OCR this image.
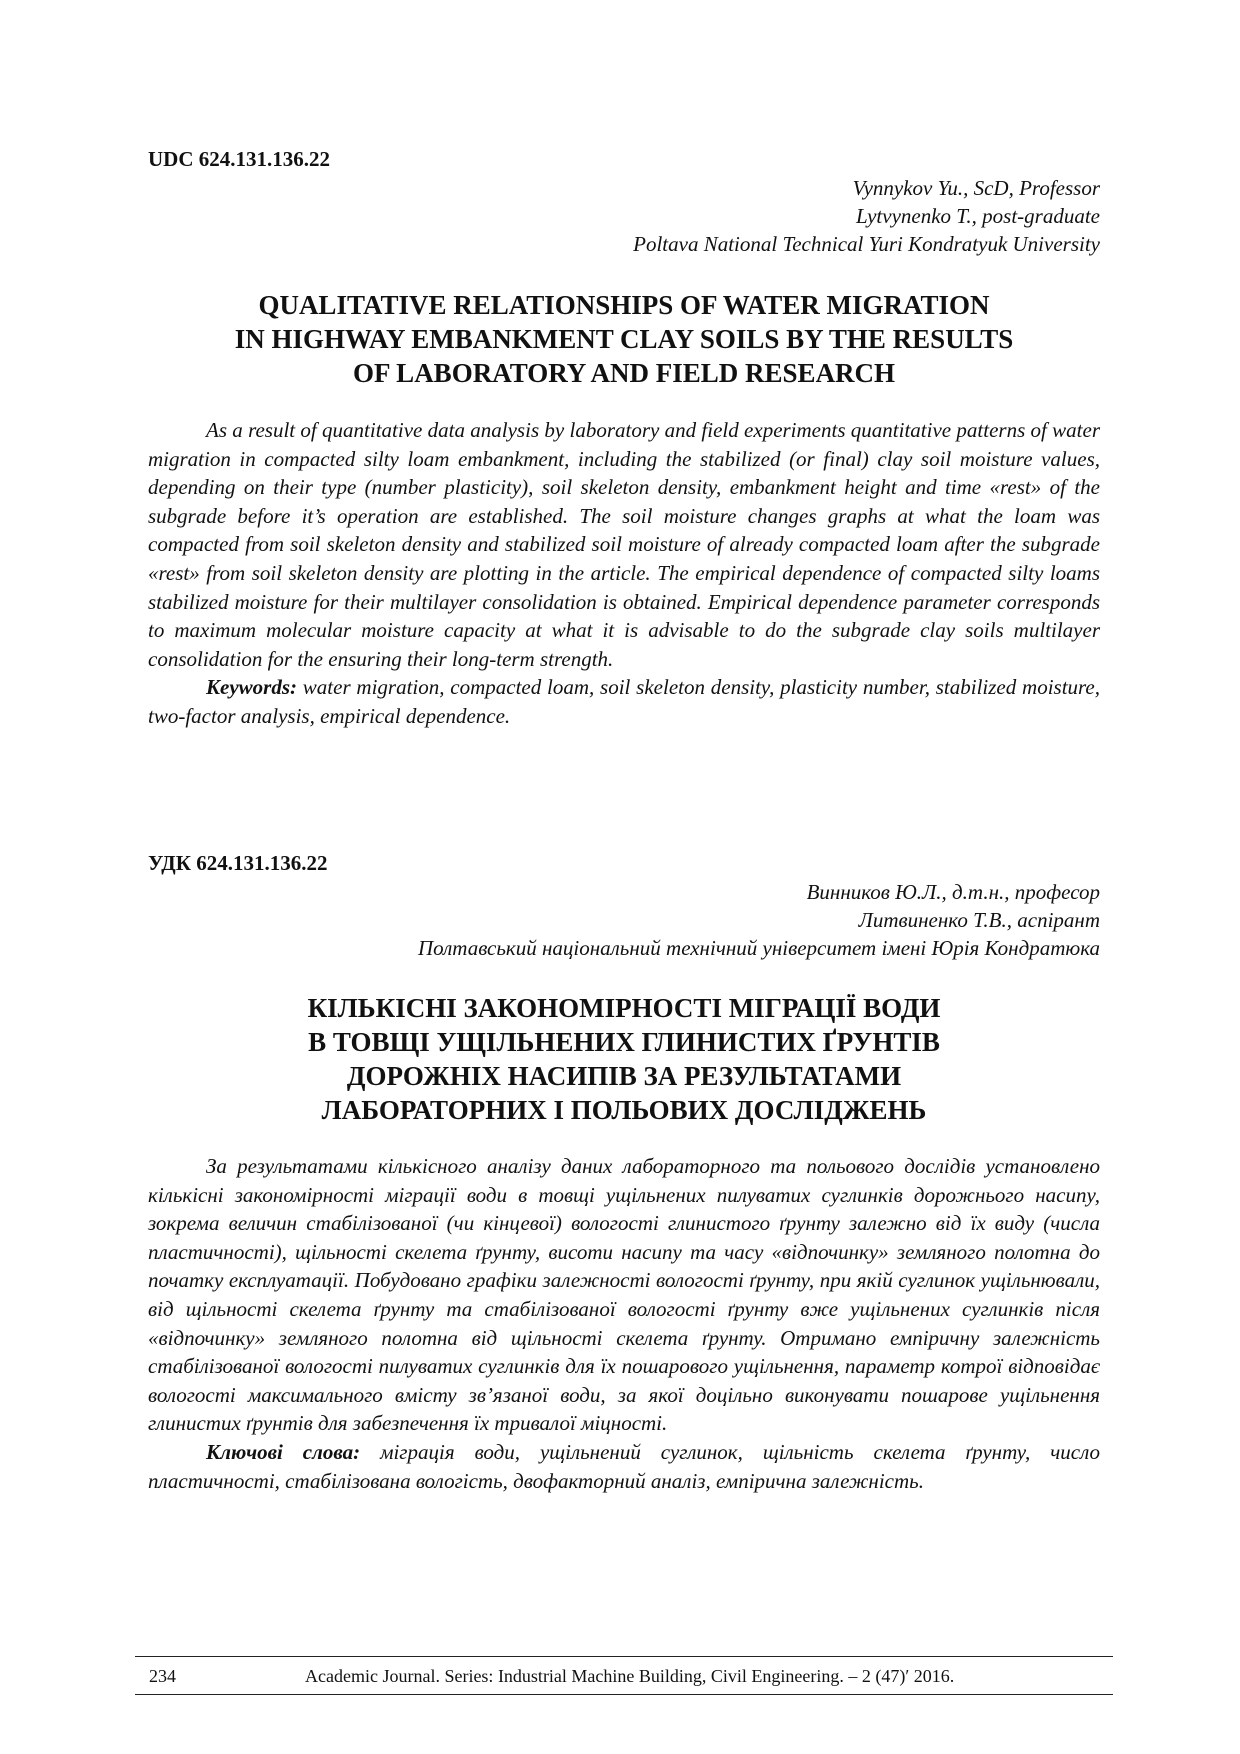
UDC 624.131.136.22
Vynnykov Yu., ScD, Professor
Lytvynenko T., post-graduate
Poltava National Technical Yuri Kondratyuk University
QUALITATIVE RELATIONSHIPS OF WATER MIGRATION
IN HIGHWAY EMBANKMENT CLAY SOILS BY THE RESULTS
OF LABORATORY AND FIELD RESEARCH

As a result of quantitative data analysis by laboratory and field experiments quantitative patterns of water migration in compacted silty loam embankment, including the stabilized (or final) clay soil moisture values, depending on their type (number plasticity), soil skeleton density, embankment height and time «rest» of the subgrade before it’s operation are established. The soil moisture changes graphs at what the loam was compacted from soil skeleton density and stabilized soil moisture of already compacted loam after the subgrade «rest» from soil skeleton density are plotting in the article. The empirical dependence of compacted silty loams stabilized moisture for their multilayer consolidation is obtained. Empirical dependence parameter corresponds to maximum molecular moisture capacity at what it is advisable to do the subgrade clay soils multilayer consolidation for the ensuring their long-term strength.

Keywords: water migration, compacted loam, soil skeleton density, plasticity number, stabilized moisture, two-factor analysis, empirical dependence.

УДК 624.131.136.22
Винников Ю.Л., д.т.н., професор
Литвиненко Т.В., аспірант
Полтавський національний технічний університет імені Юрія Кондратюка
КІЛЬКІСНІ ЗАКОНОМІРНОСТІ МІГРАЦІЇ ВОДИ
В ТОВЩІ УЩІЛЬНЕНИХ ГЛИНИСТИХ ҐРУНТІВ
ДОРОЖНІХ НАСИПІВ ЗА РЕЗУЛЬТАТАМИ
ЛАБОРАТОРНИХ І ПОЛЬОВИХ ДОСЛІДЖЕНЬ

За результатами кількісного аналізу даних лабораторного та польового дослідів установлено кількісні закономірності міграції води в товщі ущільнених пилуватих суглинків дорожнього насипу, зокрема величин стабілізованої (чи кінцевої) вологості глинистого ґрунту залежно від їх виду (числа пластичності), щільності скелета ґрунту, висоти насипу та часу «відпочинку» земляного полотна до початку експлуатації. Побудовано графіки залежності вологості ґрунту, при якій суглинок ущільнювали, від щільності скелета ґрунту та стабілізованої вологості ґрунту вже ущільнених суглинків після «відпочинку» земляного полотна від щільності скелета ґрунту. Отримано емпіричну залежність стабілізованої вологості пилуватих суглинків для їх пошарового ущільнення, параметр котрої відповідає вологості максимального вмісту зв’язаної води, за якої доцільно виконувати пошарове ущільнення глинистих ґрунтів для забезпечення їх тривалої міцності.

Ключові слова: міграція води, ущільнений суглинок, щільність скелета ґрунту, число пластичності, стабілізована вологість, двофакторний аналіз, емпірична залежність.

234	Academic Journal. Series: Industrial Machine Building, Civil Engineering. – 2 (47)′ 2016.
